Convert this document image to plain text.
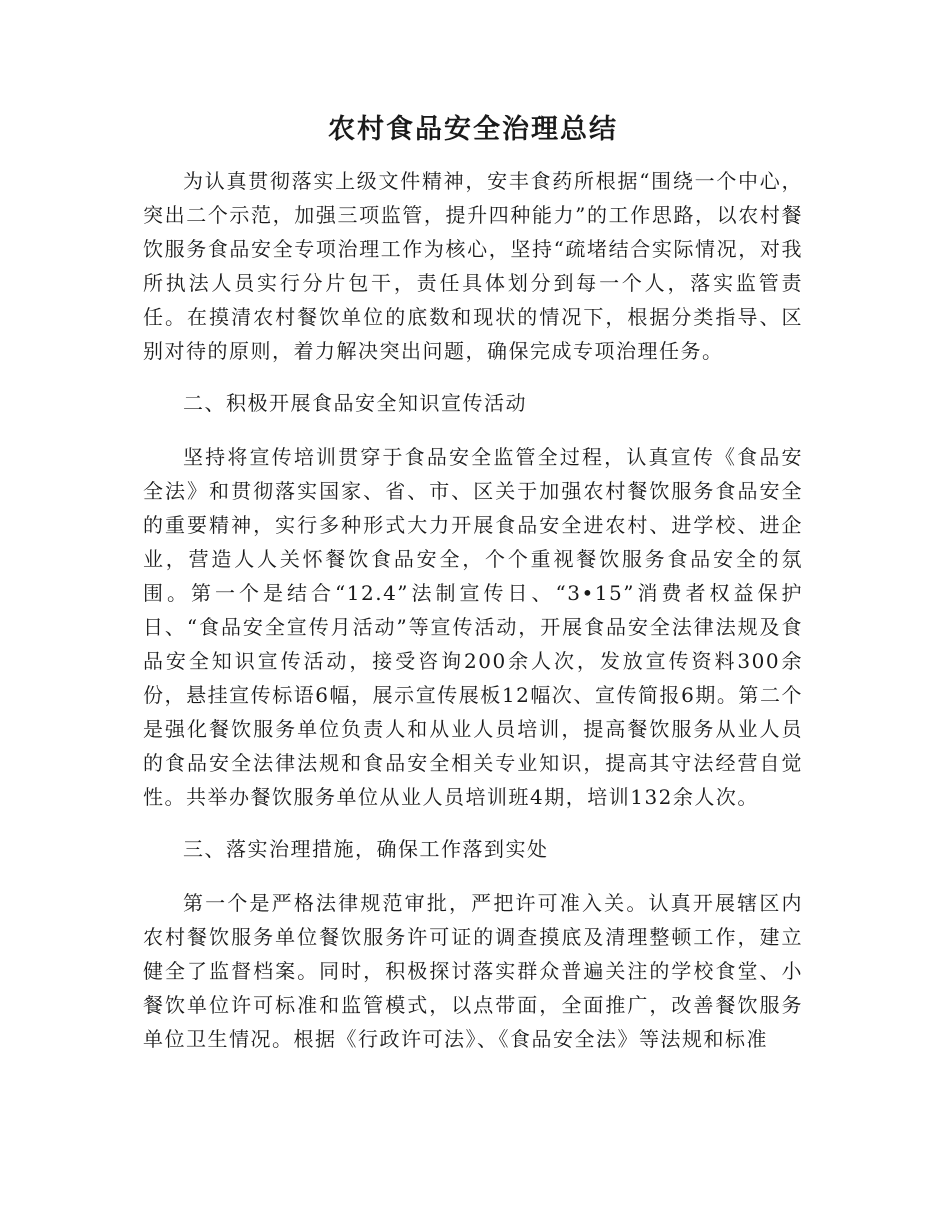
农村食品安全治理总结

为认真贯彻落实上级文件精神，安丰食药所根据“围绕一个中心，突出二个示范，加强三项监管，提升四种能力”的工作思路，以农村餐饮服务食品安全专项治理工作为核心，坚持“疏堵结合实际情况，对我所执法人员实行分片包干，责任具体划分到每一个人，落实监管责任。在摸清农村餐饮单位的底数和现状的情况下，根据分类指导、区别对待的原则，着力解决突出问题，确保完成专项治理任务。

二、积极开展食品安全知识宣传活动

坚持将宣传培训贯穿于食品安全监管全过程，认真宣传《食品安全法》和贯彻落实国家、省、市、区关于加强农村餐饮服务食品安全的重要精神，实行多种形式大力开展食品安全进农村、进学校、进企业，营造人人关怀餐饮食品安全，个个重视餐饮服务食品安全的氛围。第一个是结合“12.4”法制宣传日、“3•15”消费者权益保护日、“食品安全宣传月活动”等宣传活动，开展食品安全法律法规及食品安全知识宣传活动，接受咨询200余人次，发放宣传资料300余份，悬挂宣传标语6幅，展示宣传展板12幅次、宣传简报6期。第二个是强化餐饮服务单位负责人和从业人员培训，提高餐饮服务从业人员的食品安全法律法规和食品安全相关专业知识，提高其守法经营自觉性。共举办餐饮服务单位从业人员培训班4期，培训132余人次。

三、落实治理措施，确保工作落到实处

第一个是严格法律规范审批，严把许可准入关。认真开展辖区内农村餐饮服务单位餐饮服务许可证的调查摸底及清理整顿工作，建立健全了监督档案。同时，积极探讨落实群众普遍关注的学校食堂、小餐饮单位许可标准和监管模式，以点带面，全面推广，改善餐饮服务单位卫生情况。根据《行政许可法》、《食品安全法》等法规和标准
